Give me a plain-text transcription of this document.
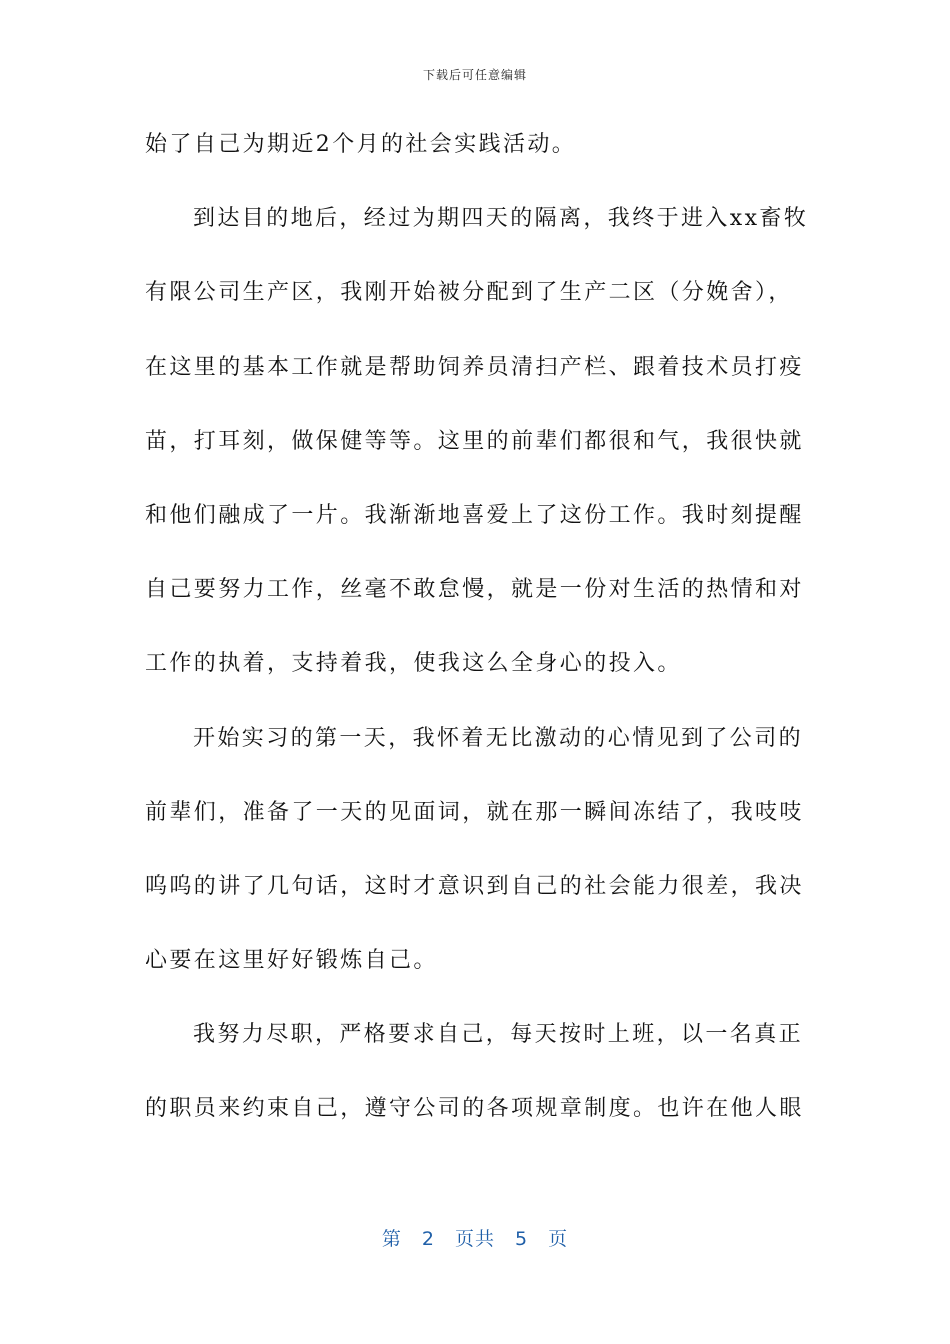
下载后可任意编辑
始了自己为期近2个月的社会实践活动。
到达目的地后，经过为期四天的隔离，我终于进入xx畜牧
有限公司生产区，我刚开始被分配到了生产二区（分娩舍），
在这里的基本工作就是帮助饲养员清扫产栏、跟着技术员打疫
苗，打耳刻，做保健等等。这里的前辈们都很和气，我很快就
和他们融成了一片。我渐渐地喜爱上了这份工作。我时刻提醒
自己要努力工作，丝毫不敢怠慢，就是一份对生活的热情和对
工作的执着，支持着我，使我这么全身心的投入。
开始实习的第一天，我怀着无比激动的心情见到了公司的
前辈们，准备了一天的见面词，就在那一瞬间冻结了，我吱吱
呜呜的讲了几句话，这时才意识到自己的社会能力很差，我决
心要在这里好好锻炼自己。
我努力尽职，严格要求自己，每天按时上班，以一名真正
的职员来约束自己，遵守公司的各项规章制度。也许在他人眼
第 2 页共 5 页
